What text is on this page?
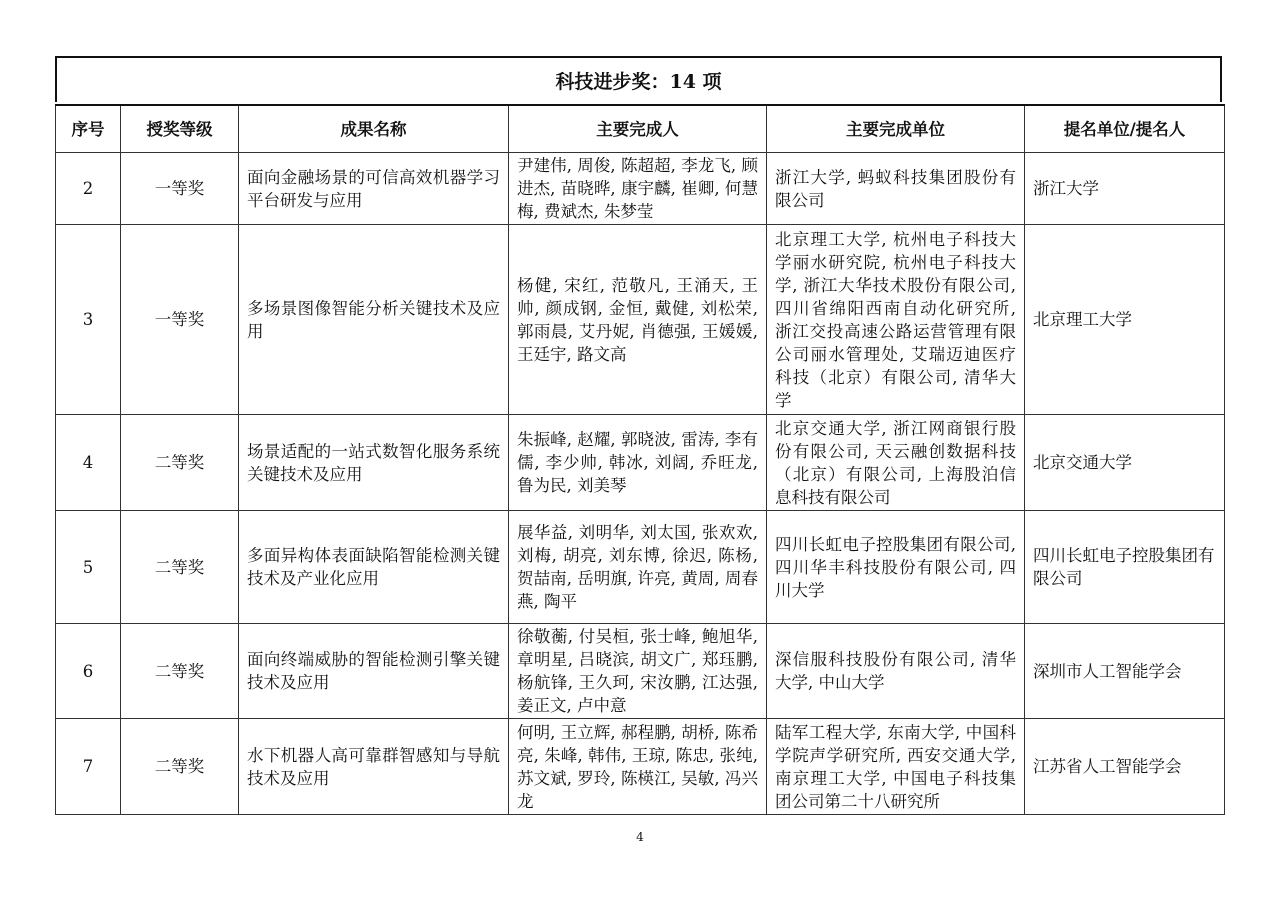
科技进步奖：14 项
序号	授奖等级	成果名称	主要完成人	主要完成单位	提名单位/提名人
2	一等奖	面向金融场景的可信高效机器学习平台研发与应用	尹建伟, 周俊, 陈超超, 李龙飞, 顾进杰, 苗晓晔, 康宇麟, 崔卿, 何慧梅, 费斌杰, 朱梦莹	浙江大学, 蚂蚁科技集团股份有限公司	浙江大学
3	一等奖	多场景图像智能分析关键技术及应用	杨健, 宋红, 范敬凡, 王涌天, 王帅, 颜成钢, 金恒, 戴健, 刘松荣, 郭雨晨, 艾丹妮, 肖德强, 王媛媛, 王廷宇, 路文高	北京理工大学, 杭州电子科技大学丽水研究院, 杭州电子科技大学, 浙江大华技术股份有限公司, 四川省绵阳西南自动化研究所, 浙江交投高速公路运营管理有限公司丽水管理处, 艾瑞迈迪医疗科技（北京）有限公司, 清华大学	北京理工大学
4	二等奖	场景适配的一站式数智化服务系统关键技术及应用	朱振峰, 赵耀, 郭晓波, 雷涛, 李有儒, 李少帅, 韩冰, 刘阔, 乔旺龙, 鲁为民, 刘美琴	北京交通大学, 浙江网商银行股份有限公司, 天云融创数据科技（北京）有限公司, 上海股泊信息科技有限公司	北京交通大学
5	二等奖	多面异构体表面缺陷智能检测关键技术及产业化应用	展华益, 刘明华, 刘太国, 张欢欢, 刘梅, 胡亮, 刘东博, 徐迟, 陈杨, 贺喆南, 岳明旗, 许亮, 黄周, 周春燕, 陶平	四川长虹电子控股集团有限公司, 四川华丰科技股份有限公司, 四川大学	四川长虹电子控股集团有限公司
6	二等奖	面向终端威胁的智能检测引擎关键技术及应用	徐敬蘅, 付吴桓, 张士峰, 鲍旭华, 章明星, 吕晓滨, 胡文广, 郑珏鹏, 杨航锋, 王久珂, 宋汝鹏, 江达强, 姜正文, 卢中意	深信服科技股份有限公司, 清华大学, 中山大学	深圳市人工智能学会
7	二等奖	水下机器人高可靠群智感知与导航技术及应用	何明, 王立辉, 郝程鹏, 胡桥, 陈希亮, 朱峰, 韩伟, 王琼, 陈忠, 张纯, 苏文斌, 罗玲, 陈楧江, 吴敏, 冯兴龙	陆军工程大学, 东南大学, 中国科学院声学研究所, 西安交通大学, 南京理工大学, 中国电子科技集团公司第二十八研究所	江苏省人工智能学会
4
